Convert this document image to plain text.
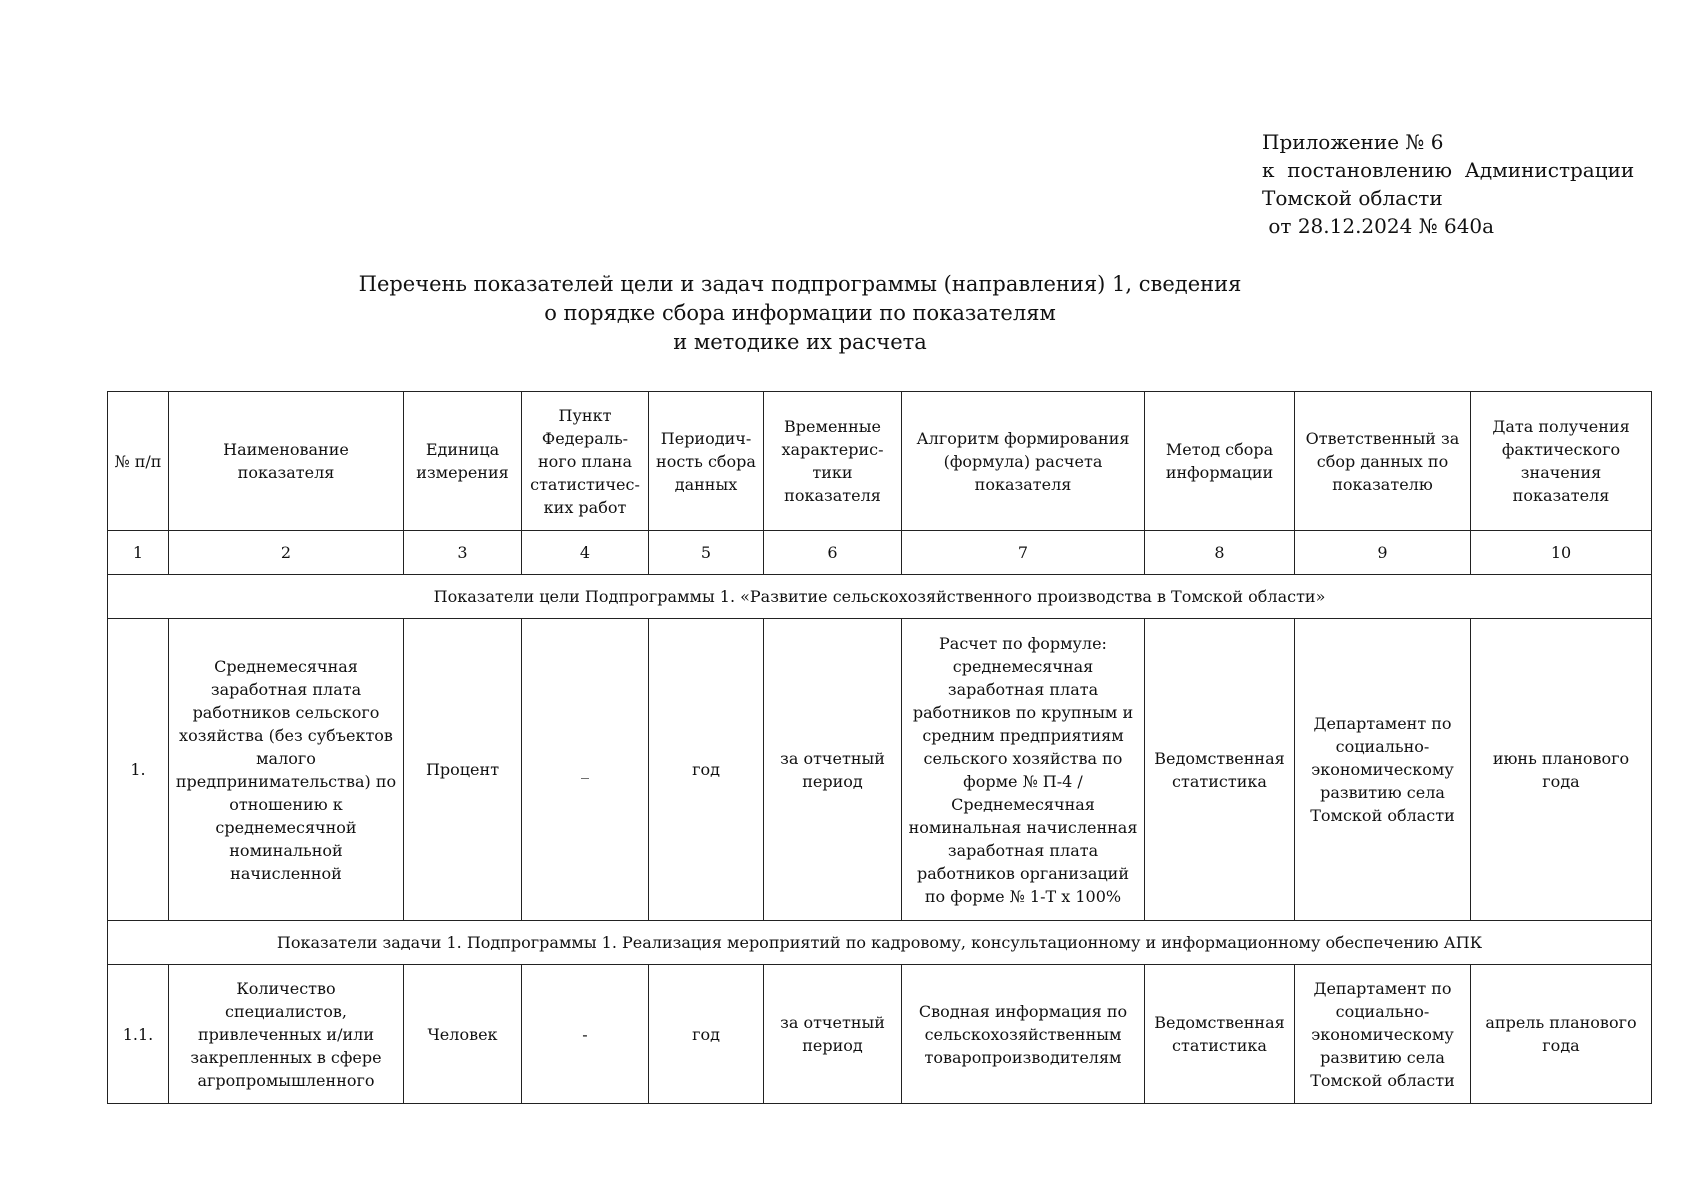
Приложение № 6
к  постановлению  Администрации
Томской области
от 28.12.2024 № 640а
Перечень показателей цели и задач подпрограммы (направления) 1, сведения
о порядке сбора информации по показателям
и методике их расчета
№ п/п	Наименование показателя	Единица измерения	Пункт Федераль-ного плана статистичес-ких работ	Периодич-ность сбора данных	Временные характерис-тики показателя	Алгоритм формирования (формула) расчета показателя	Метод сбора информации	Ответственный за сбор данных по показателю	Дата получения фактического значения показателя
1	2	3	4	5	6	7	8	9	10
Показатели цели Подпрограммы 1. «Развитие сельскохозяйственного производства в Томской области»									
1.	Среднемесячная заработная плата работников сельского хозяйства (без субъектов малого предпринимательства) по отношению к среднемесячной номинальной начисленной	Процент	_	год	за отчетный период	Расчет по формуле: среднемесячная заработная плата работников по крупным и средним предприятиям сельского хозяйства по форме № П-4 / Среднемесячная номинальная начисленная заработная плата работников организаций по форме № 1-Т х 100%	Ведомственная статистика	Департамент по социально-экономическому развитию села Томской области	июнь планового года
Показатели задачи 1. Подпрограммы 1. Реализация мероприятий по кадровому, консультационному и информационному обеспечению АПК									
1.1.	Количество специалистов, привлеченных и/или закрепленных в сфере агропромышленного	Человек	-	год	за отчетный период	Сводная информация по сельскохозяйственным товаропроизводителям	Ведомственная статистика	Департамент по социально-экономическому развитию села Томской области	апрель планового года
